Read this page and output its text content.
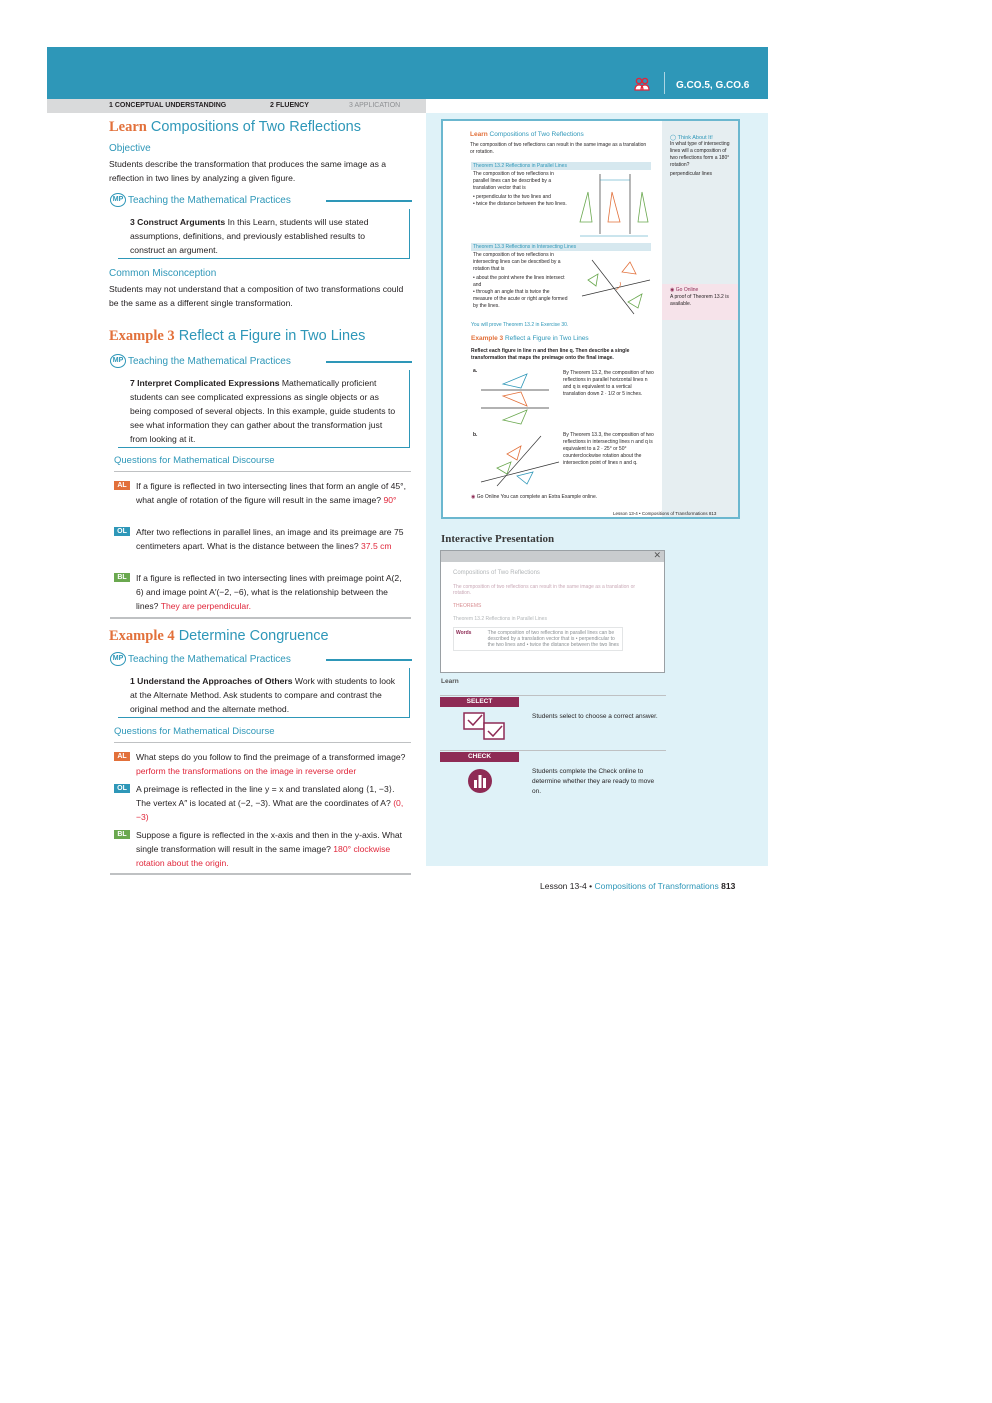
G.CO.5, G.CO.6
1 CONCEPTUAL UNDERSTANDING	2 FLUENCY	3 APPLICATION
Learn Compositions of Two Reflections
Objective
Students describe the transformation that produces the same image as a reflection in two lines by analyzing a given figure.
MP Teaching the Mathematical Practices
3 Construct Arguments In this Learn, students will use stated assumptions, definitions, and previously established results to construct an argument.
Common Misconception
Students may not understand that a composition of two transformations could be the same as a different single transformation.
Example 3 Reflect a Figure in Two Lines
MP Teaching the Mathematical Practices
7 Interpret Complicated Expressions Mathematically proficient students can see complicated expressions as single objects or as being composed of several objects. In this example, guide students to see what information they can gather about the transformation just from looking at it.
Questions for Mathematical Discourse
AL	If a figure is reflected in two intersecting lines that form an angle of 45°, what angle of rotation of the figure will result in the same image? 90°
OL	After two reflections in parallel lines, an image and its preimage are 75 centimeters apart. What is the distance between the lines? 37.5 cm
BL	If a figure is reflected in two intersecting lines with preimage point A(2, 6) and image point A′(−2, −6), what is the relationship between the lines? They are perpendicular.
Example 4 Determine Congruence
MP Teaching the Mathematical Practices
1 Understand the Approaches of Others Work with students to look at the Alternate Method. Ask students to compare and contrast the original method and the alternate method.
Questions for Mathematical Discourse
AL	What steps do you follow to find the preimage of a transformed image? perform the transformations on the image in reverse order
OL	A preimage is reflected in the line y = x and translated along ⟨1, −3⟩. The vertex A″ is located at (−2, −3). What are the coordinates of A? (0, −3)
BL	Suppose a figure is reflected in the x-axis and then in the y-axis. What single transformation will result in the same image? 180° clockwise rotation about the origin.
◯ Think About It!
In what type of intersecting lines will a composition of two reflections form a 180° rotation?
perpendicular lines
◉ Go Online
A proof of Theorem 13.2 is available.
Learn Compositions of Two Reflections
The composition of two reflections can result in the same image as a translation or rotation.
Theorem 13.2 Reflections in Parallel Lines
The composition of two reflections in parallel lines can be described by a translation vector that is
• perpendicular to the two lines and
• twice the distance between the two lines.
Theorem 13.3 Reflections in Intersecting Lines
The composition of two reflections in intersecting lines can be described by a rotation that is
• about the point where the lines intersect and
• through an angle that is twice the measure of the acute or right angle formed by the lines.
You will prove Theorem 13.2 in Exercise 30.
Example 3 Reflect a Figure in Two Lines
Reflect each figure in line n and then line q. Then describe a single transformation that maps the preimage onto the final image.
a.	By Theorem 13.2, the composition of two reflections in parallel horizontal lines n and q is equivalent to a vertical translation down 2 · 1/2 or 5 inches.
b.	By Theorem 13.3, the composition of two reflections in intersecting lines n and q is equivalent to a 2 · 25° or 50° counterclockwise rotation about the intersection point of lines n and q.
◉ Go Online You can complete an Extra Example online.
Lesson 13-4 • Compositions of Transformations 813
Interactive Presentation
✕
Compositions of Two Reflections
The composition of two reflections can result in the same image as a translation or rotation.
THEOREMS
Theorem 13.2 Reflections in Parallel Lines
Words	The composition of two reflections in parallel lines can be described by a translation vector that is • perpendicular to the two lines and • twice the distance between the two lines
Learn
SELECT
Students select to choose a correct answer.
CHECK
Students complete the Check online to determine whether they are ready to move on.
Lesson 13-4 • Compositions of Transformations 813
